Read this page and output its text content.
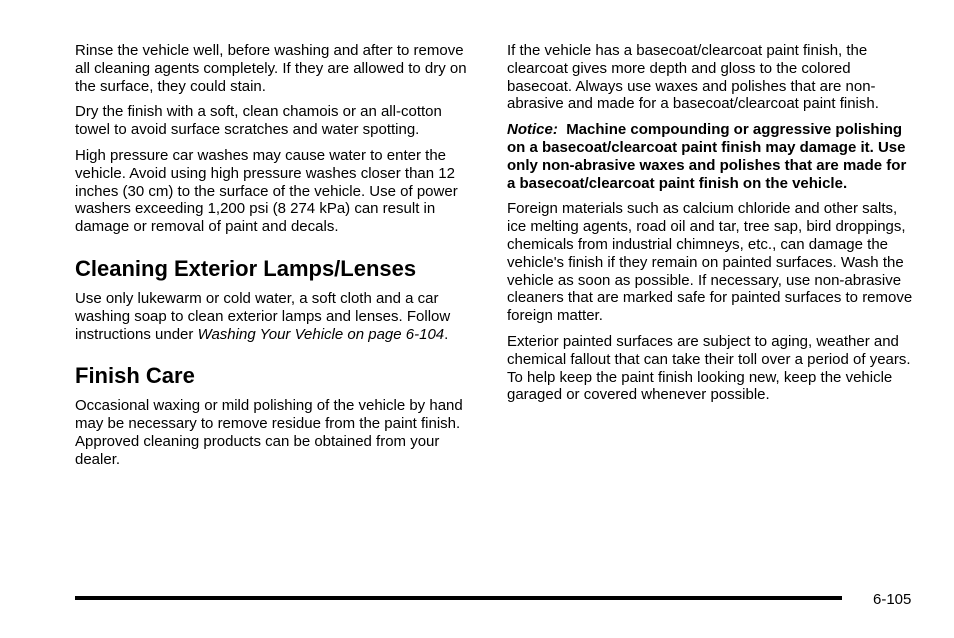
Rinse the vehicle well, before washing and after to remove all cleaning agents completely. If they are allowed to dry on the surface, they could stain.

Dry the finish with a soft, clean chamois or an all-cotton towel to avoid surface scratches and water spotting.

High pressure car washes may cause water to enter the vehicle. Avoid using high pressure washes closer than 12 inches (30 cm) to the surface of the vehicle. Use of power washers exceeding 1,200 psi (8 274 kPa) can result in damage or removal of paint and decals.

Cleaning Exterior Lamps/Lenses

Use only lukewarm or cold water, a soft cloth and a car washing soap to clean exterior lamps and lenses. Follow instructions under Washing Your Vehicle on page 6-104.

Finish Care

Occasional waxing or mild polishing of the vehicle by hand may be necessary to remove residue from the paint finish. Approved cleaning products can be obtained from your dealer.

If the vehicle has a basecoat/clearcoat paint finish, the clearcoat gives more depth and gloss to the colored basecoat. Always use waxes and polishes that are non-abrasive and made for a basecoat/clearcoat paint finish.

Notice: Machine compounding or aggressive polishing on a basecoat/clearcoat paint finish may damage it. Use only non-abrasive waxes and polishes that are made for a basecoat/clearcoat paint finish on the vehicle.

Foreign materials such as calcium chloride and other salts, ice melting agents, road oil and tar, tree sap, bird droppings, chemicals from industrial chimneys, etc., can damage the vehicle's finish if they remain on painted surfaces. Wash the vehicle as soon as possible. If necessary, use non-abrasive cleaners that are marked safe for painted surfaces to remove foreign matter.

Exterior painted surfaces are subject to aging, weather and chemical fallout that can take their toll over a period of years. To help keep the paint finish looking new, keep the vehicle garaged or covered whenever possible.

6-105
